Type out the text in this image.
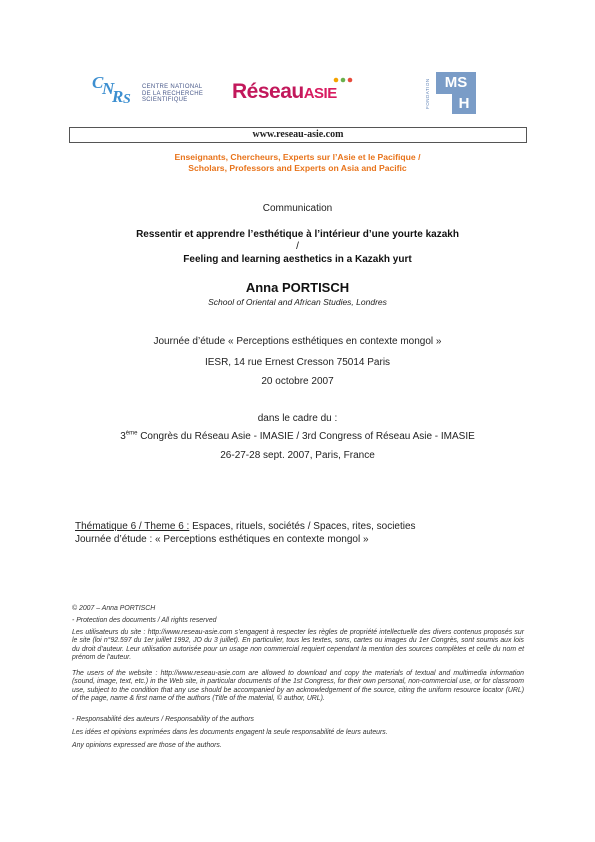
C
N
R S
CENTRE NATIONAL
DE LA RECHERCHE
SCIENTIFIQUE	RéseauASIE	FONDATION MS
H
www.reseau-asie.com
Enseignants, Chercheurs, Experts sur l’Asie et le Pacifique /
Scholars, Professors and Experts on Asia and Pacific
Communication
Ressentir et apprendre l’esthétique à l’intérieur d’une yourte kazakh
/
Feeling and learning aesthetics in a Kazakh yurt
Anna PORTISCH
School of Oriental and African Studies, Londres
Journée d’étude « Perceptions esthétiques en contexte mongol »
IESR, 14 rue Ernest Cresson 75014 Paris
20 octobre 2007
dans le cadre du :
3ème Congrès du Réseau Asie - IMASIE / 3rd Congress of Réseau Asie - IMASIE
26-27-28 sept. 2007, Paris, France
Thématique 6 / Theme 6 : Espaces, rituels, sociétés / Spaces, rites, societies
Journée d’étude : « Perceptions esthétiques en contexte mongol »
© 2007 – Anna PORTISCH
- Protection des documents / All rights reserved
Les utilisateurs du site : http://www.reseau-asie.com s’engagent à respecter les règles de propriété intellectuelle des divers contenus proposés sur le site (loi n°92.597 du 1er juillet 1992, JO du 3 juillet). En particulier, tous les textes, sons, cartes ou images du 1er Congrès, sont soumis aux lois du droit d’auteur. Leur utilisation autorisée pour un usage non commercial requiert cependant la mention des sources complètes et celle du nom et prénom de l’auteur.
The users of the website : http://www.reseau-asie.com are allowed to download and copy the materials of textual and multimedia information (sound, image, text, etc.) in the Web site, in particular documents of the 1st Congress, for their own personal, non-commercial use, or for classroom use, subject to the condition that any use should be accompanied by an acknowledgement of the source, citing the uniform resource locator (URL) of the page, name & first name of the authors (Title of the material, © author, URL).
- Responsabilité des auteurs / Responsability of the authors
Les idées et opinions exprimées dans les documents engagent la seule responsabilité de leurs auteurs.
Any opinions expressed are those of the authors.
